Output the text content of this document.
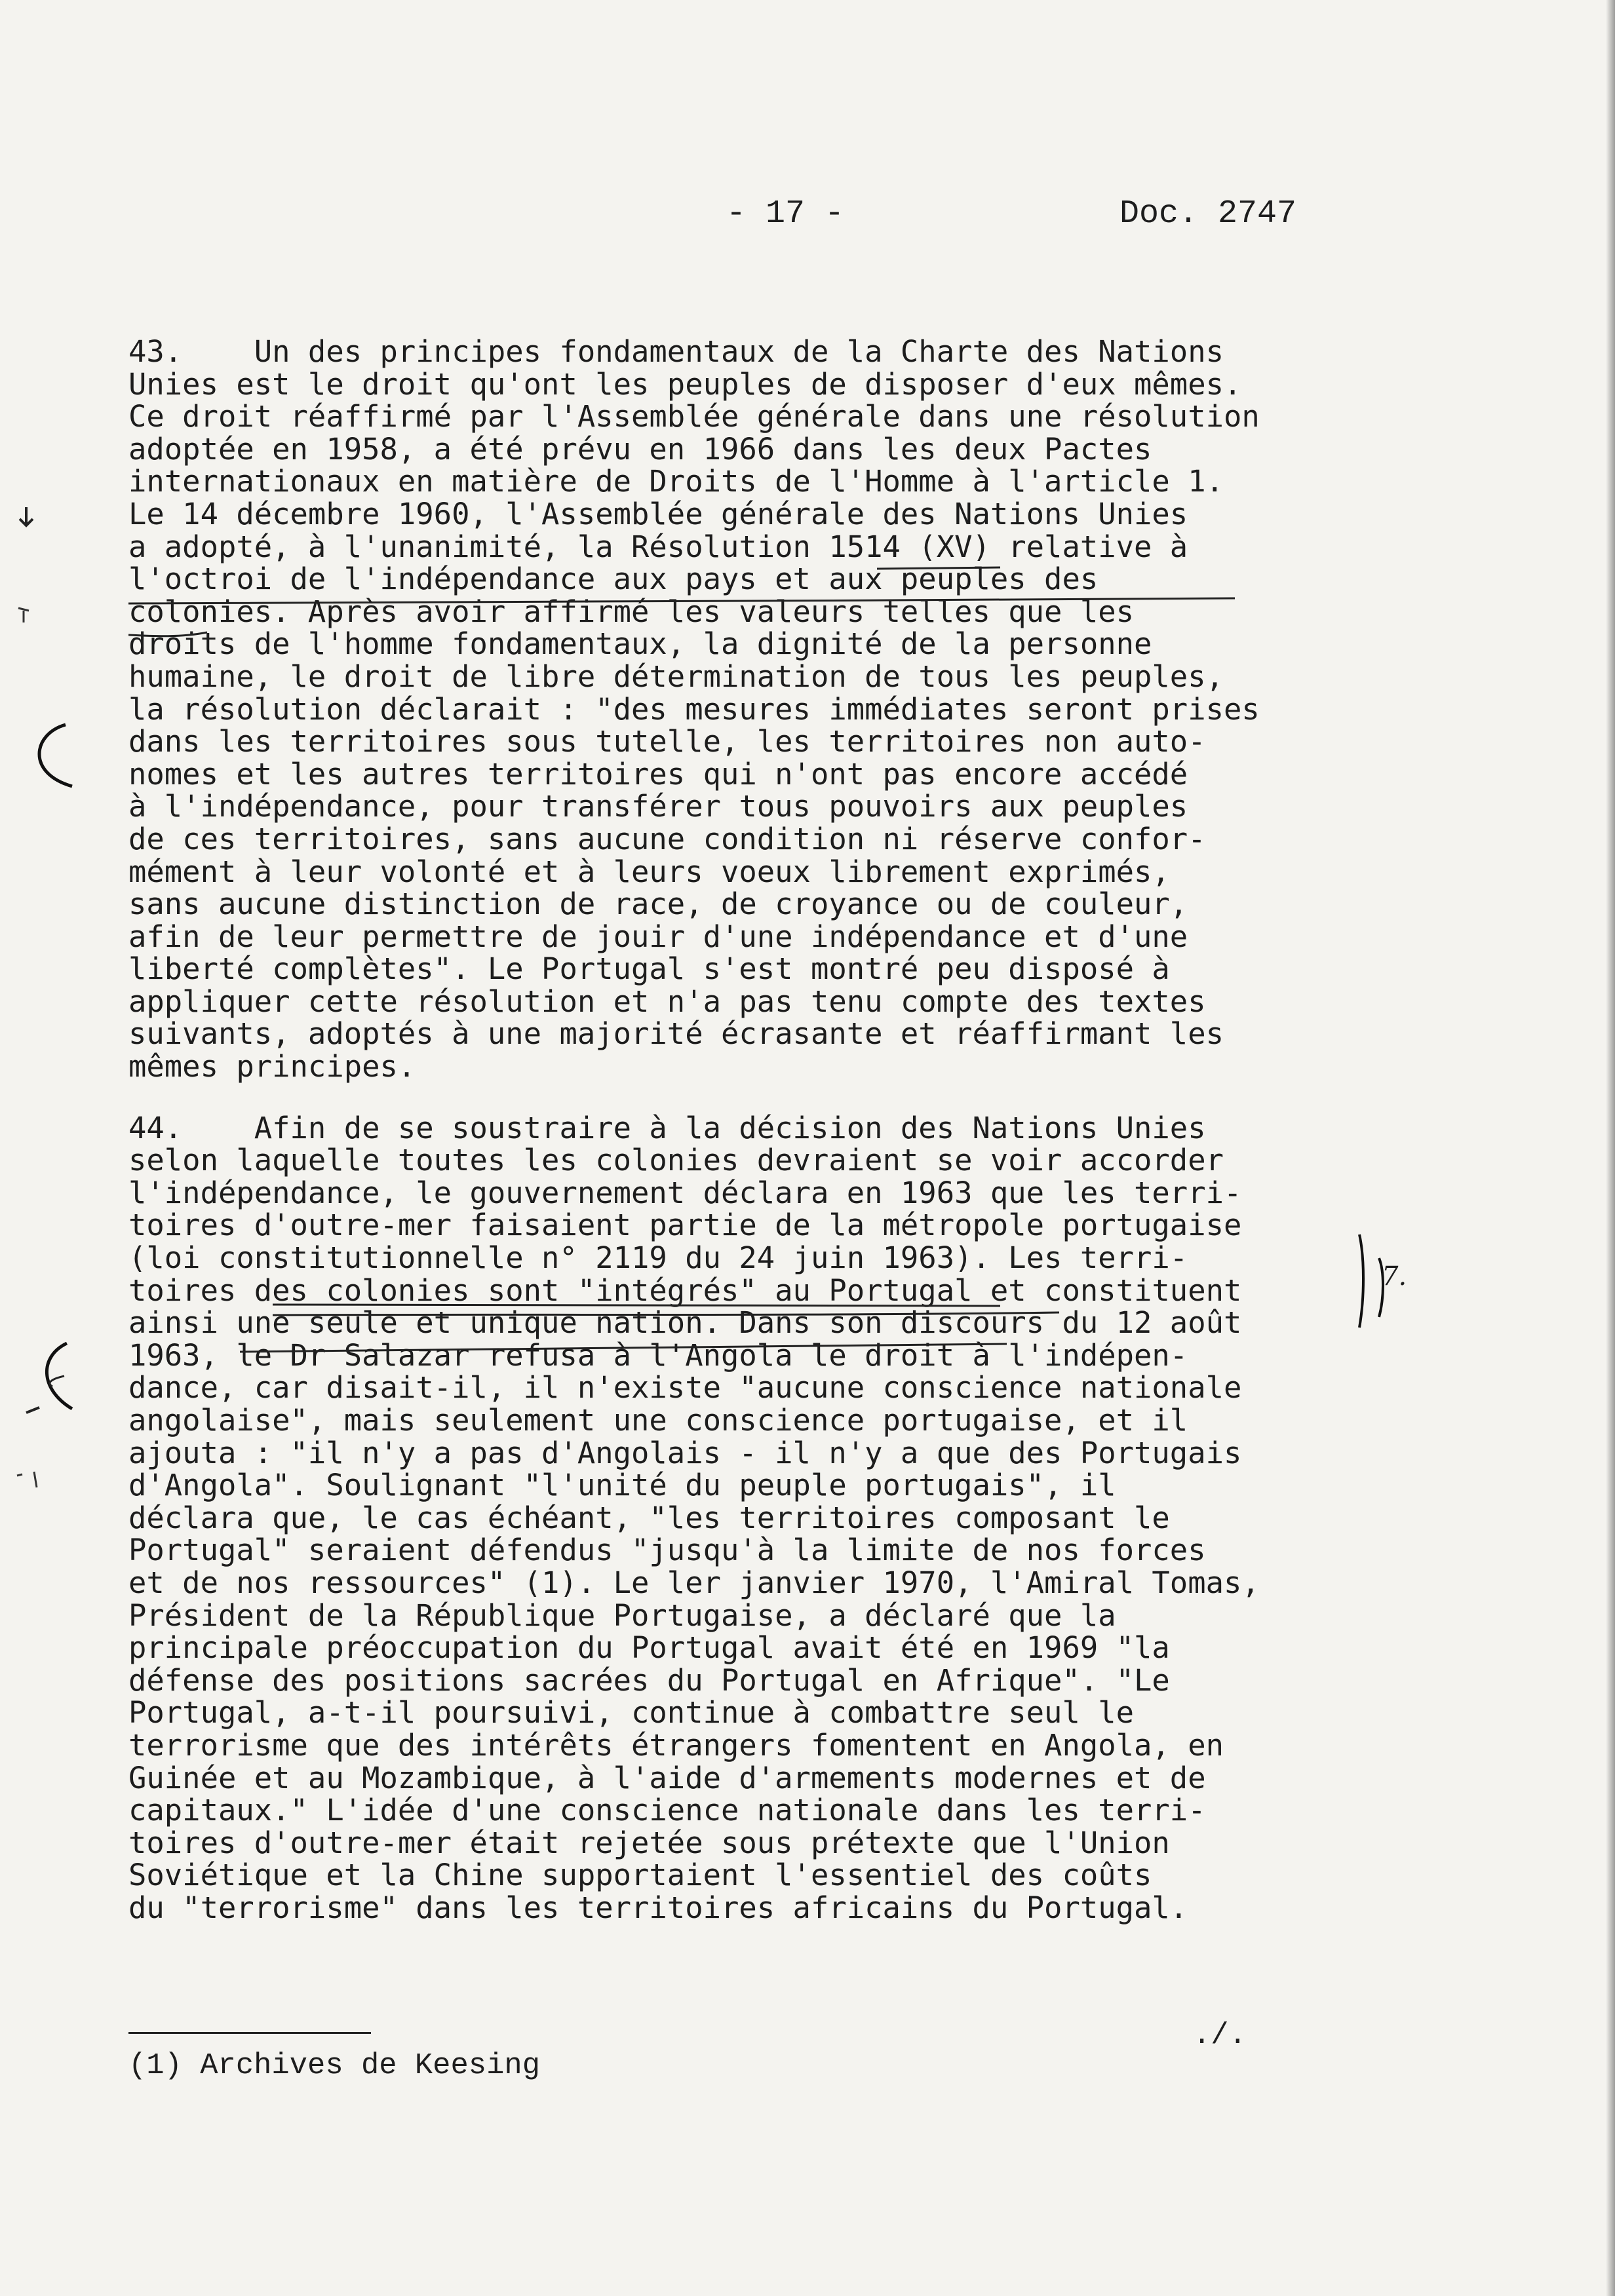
- 17 -	Doc. 2747
43.    Un des principes fondamentaux de la Charte des Nations
Unies est le droit qu'ont les peuples de disposer d'eux mêmes.
Ce droit réaffirmé par l'Assemblée générale dans une résolution
adoptée en 1958, a été prévu en 1966 dans les deux Pactes
internationaux en matière de Droits de l'Homme à l'article 1.
Le 14 décembre 1960, l'Assemblée générale des Nations Unies
a adopté, à l'unanimité, la Résolution 1514 (XV) relative à
l'octroi de l'indépendance aux pays et aux peuples des
colonies. Après avoir affirmé les valeurs telles que les
droits de l'homme fondamentaux, la dignité de la personne
humaine, le droit de libre détermination de tous les peuples,
la résolution déclarait : "des mesures immédiates seront prises
dans les territoires sous tutelle, les territoires non auto-
nomes et les autres territoires qui n'ont pas encore accédé
à l'indépendance, pour transférer tous pouvoirs aux peuples
de ces territoires, sans aucune condition ni réserve confor-
mément à leur volonté et à leurs voeux librement exprimés,
sans aucune distinction de race, de croyance ou de couleur,
afin de leur permettre de jouir d'une indépendance et d'une
liberté complètes". Le Portugal s'est montré peu disposé à
appliquer cette résolution et n'a pas tenu compte des textes
suivants, adoptés à une majorité écrasante et réaffirmant les
mêmes principes.
44.    Afin de se soustraire à la décision des Nations Unies
selon laquelle toutes les colonies devraient se voir accorder
l'indépendance, le gouvernement déclara en 1963 que les terri-
toires d'outre-mer faisaient partie de la métropole portugaise
(loi constitutionnelle n° 2119 du 24 juin 1963). Les terri-
toires des colonies sont "intégrés" au Portugal et constituent
ainsi une seule et unique nation. Dans son discours du 12 août
1963, le Dr Salazar refusa à l'Angola le droit à l'indépen-
dance, car disait-il, il n'existe "aucune conscience nationale
angolaise", mais seulement une conscience portugaise, et il
ajouta : "il n'y a pas d'Angolais - il n'y a que des Portugais
d'Angola". Soulignant "l'unité du peuple portugais", il
déclara que, le cas échéant, "les territoires composant le
Portugal" seraient défendus "jusqu'à la limite de nos forces
et de nos ressources" (1). Le ler janvier 1970, l'Amiral Tomas,
Président de la République Portugaise, a déclaré que la
principale préoccupation du Portugal avait été en 1969 "la
défense des positions sacrées du Portugal en Afrique". "Le
Portugal, a-t-il poursuivi, continue à combattre seul le
terrorisme que des intérêts étrangers fomentent en Angola, en
Guinée et au Mozambique, à l'aide d'armements modernes et de
capitaux." L'idée d'une conscience nationale dans les terri-
toires d'outre-mer était rejetée sous prétexte que l'Union
Soviétique et la Chine supportaient l'essentiel des coûts
du "terrorisme" dans les territoires africains du Portugal.
7.
./.
(1) Archives de Keesing
